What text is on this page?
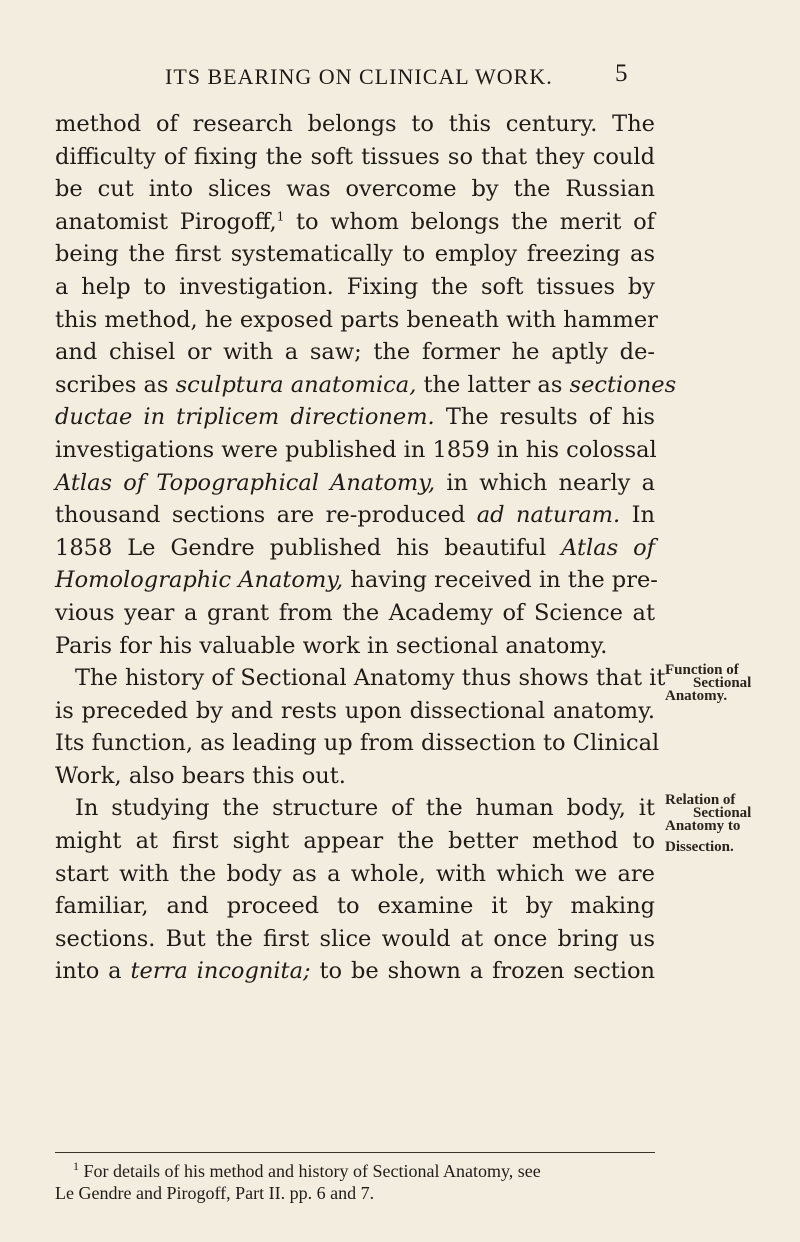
ITS BEARING ON CLINICAL WORK. 5
method of research belongs to this century. The
difficulty of fixing the soft tissues so that they could
be cut into slices was overcome by the Russian
anatomist Pirogoff,$^1$ to whom belongs the merit of
being the first systematically to employ freezing as
a help to investigation. Fixing the soft tissues by
this method, he exposed parts beneath with hammer
and chisel or with a saw; the former he aptly de-
scribes as sculptura anatomica, the latter as sectiones
ductae in triplicem directionem. The results of his
investigations were published in 1859 in his colossal
Atlas of Topographical Anatomy, in which nearly a
thousand sections are re-produced ad naturam. In
1858 Le Gendre published his beautiful Atlas of
Homolographic Anatomy, having received in the pre-
vious year a grant from the Academy of Science at
Paris for his valuable work in sectional anatomy.
The history of Sectional Anatomy thus shows that it
is preceded by and rests upon dissectional anatomy.
Its function, as leading up from dissection to Clinical
Work, also bears this out.
In studying the structure of the human body, it
might at first sight appear the better method to
start with the body as a whole, with which we are
familiar, and proceed to examine it by making
sections. But the first slice would at once bring us
into a terra incognita; to be shown a frozen section
Function of
Sectional
Anatomy.
Relation of
Sectional
Anatomy to
Dissection.
$^1$ For details of his method and history of Sectional Anatomy, see
Le Gendre and Pirogoff, Part II. pp. 6 and 7.
